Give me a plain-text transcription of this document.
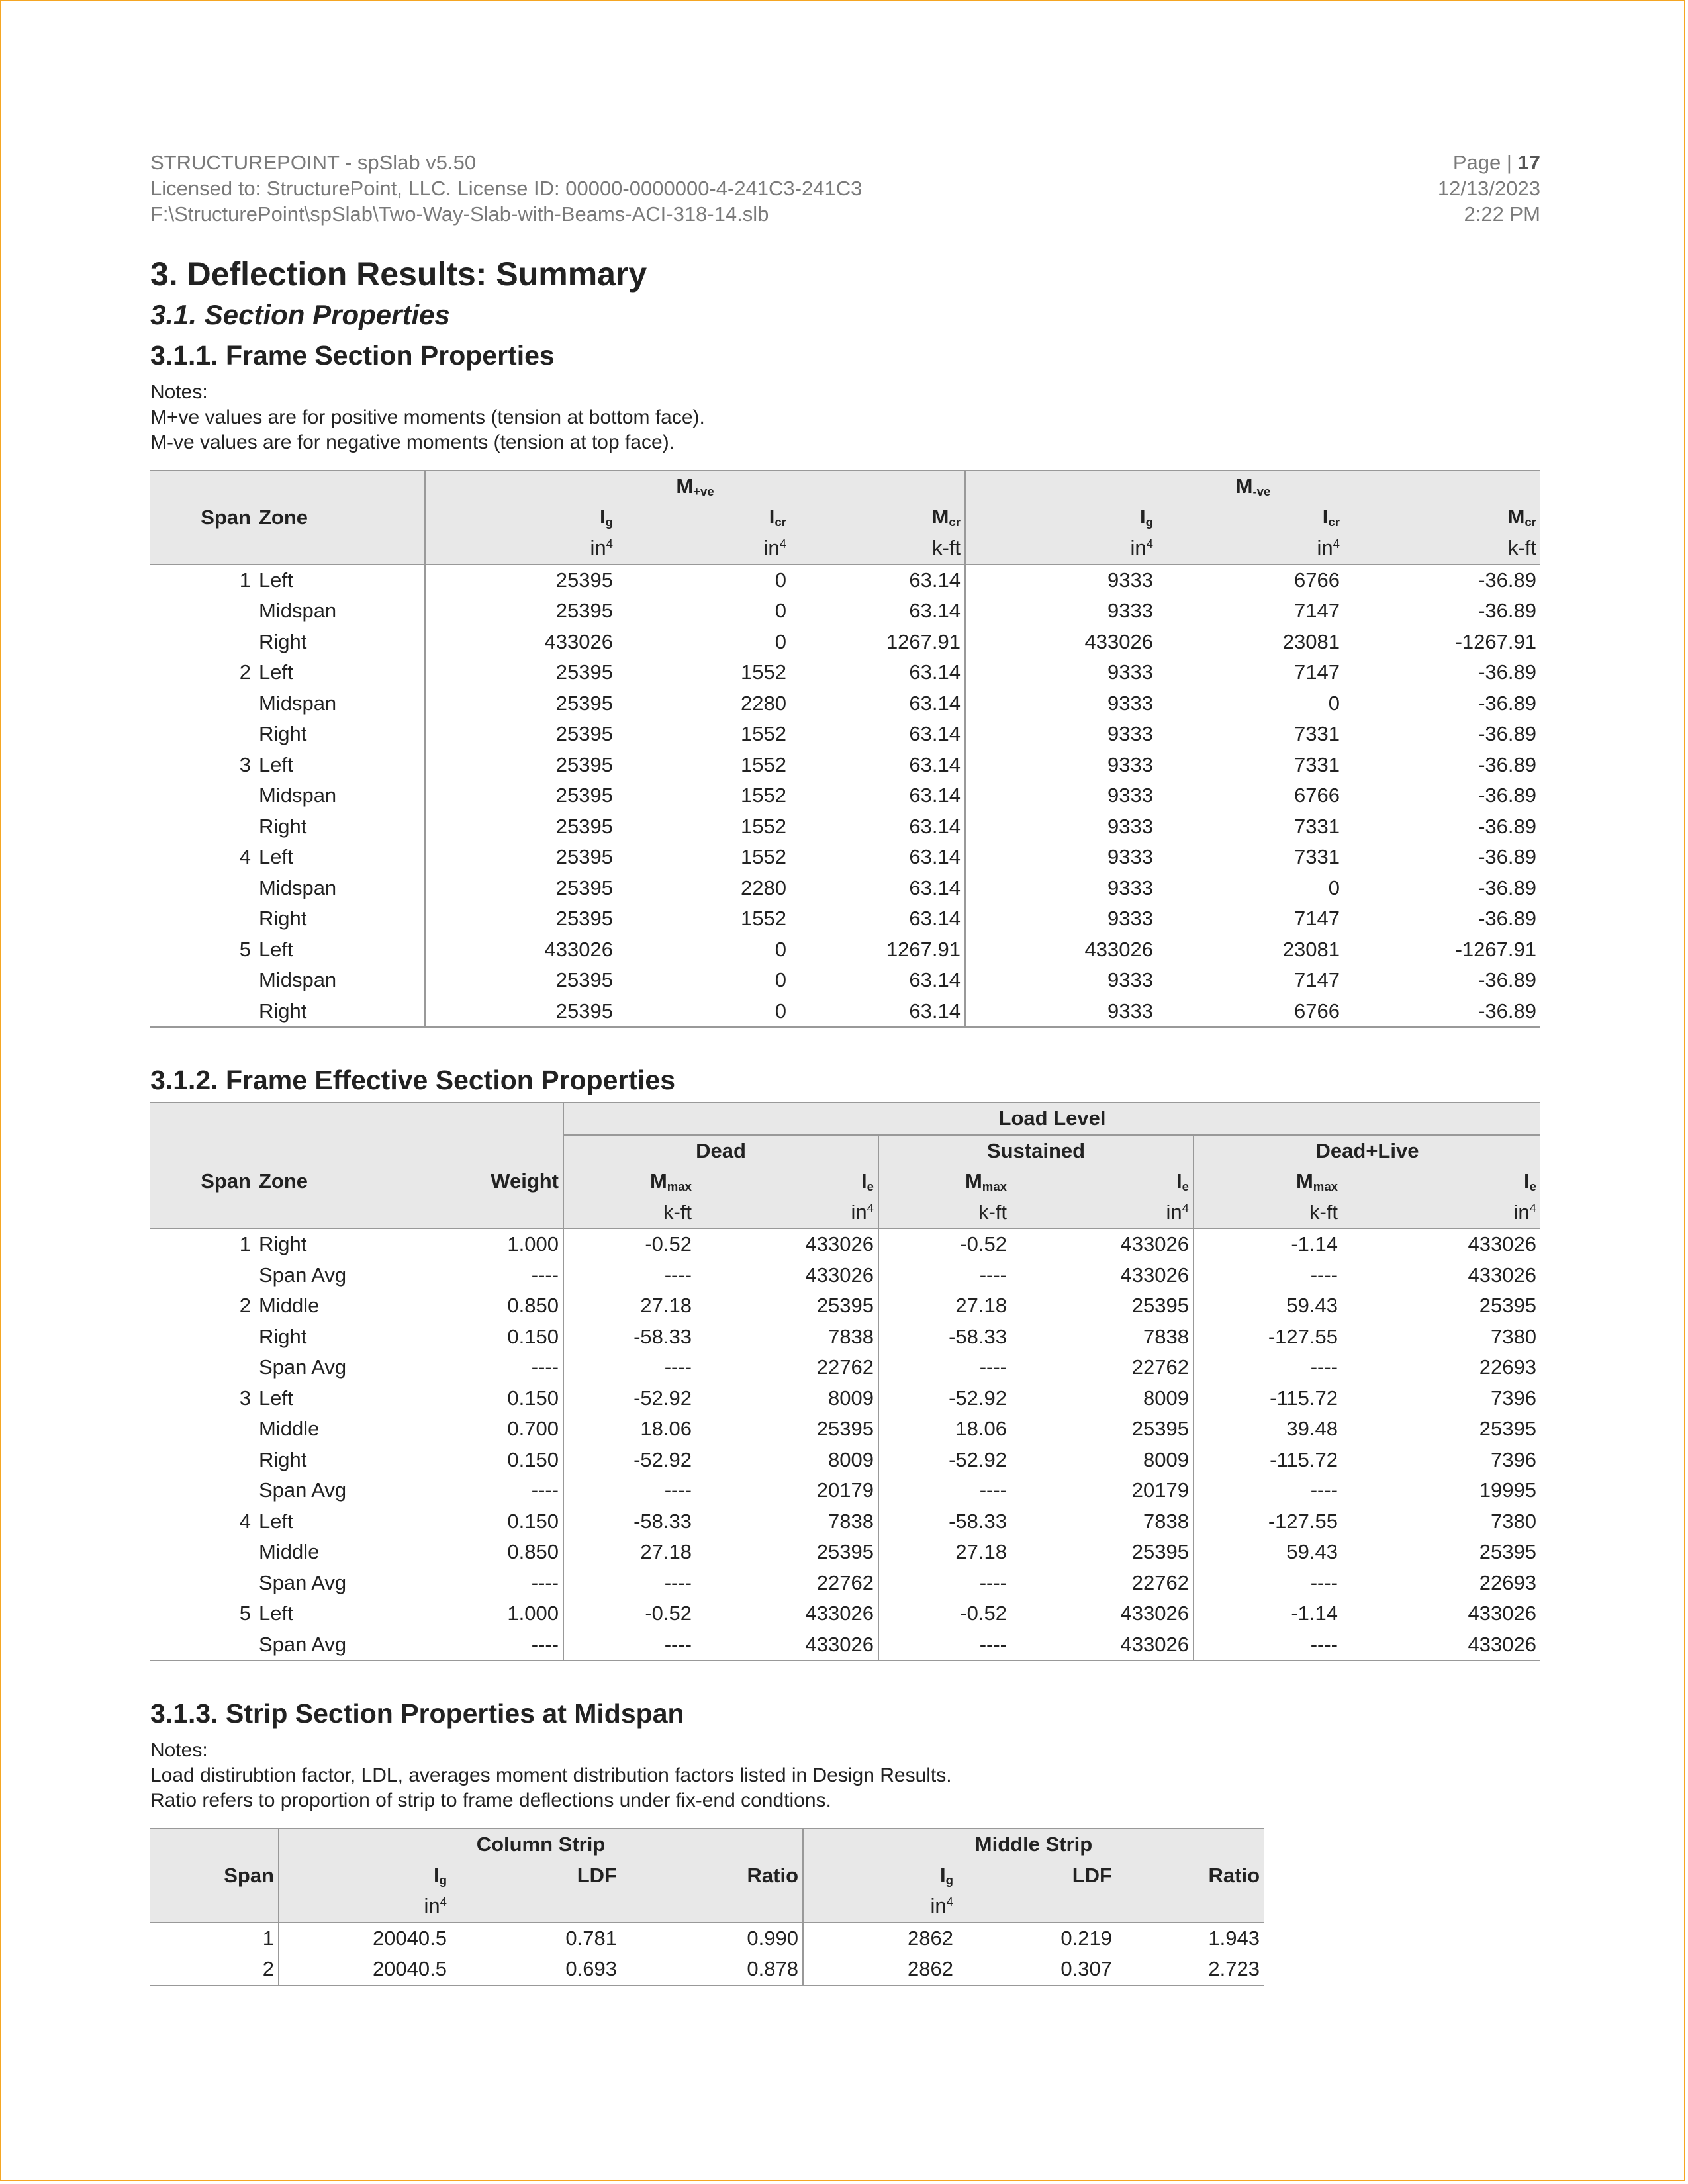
STRUCTUREPOINT - spSlab v5.50
Licensed to: StructurePoint, LLC. License ID: 00000-0000000-4-241C3-241C3
F:\StructurePoint\spSlab\Two-Way-Slab-with-Beams-ACI-318-14.slb
Page | 17
12/13/2023
2:22 PM
3. Deflection Results: Summary
3.1. Section Properties
3.1.1. Frame Section Properties
Notes:
M+ve values are for positive moments (tension at bottom face).
M-ve values are for negative moments (tension at top face).
		$M_{+ve}$			$M_{-ve}$
Span	Zone	$I_g$	$I_{cr}$	$M_{cr}$	$I_g$	$I_{cr}$	$M_{cr}$
		$in^4$	$in^4$	k-ft	$in^4$	$in^4$	k-ft
1	Left	25395	0	63.14	9333	6766	-36.89
	Midspan	25395	0	63.14	9333	7147	-36.89
	Right	433026	0	1267.91	433026	23081	-1267.91
2	Left	25395	1552	63.14	9333	7147	-36.89
	Midspan	25395	2280	63.14	9333	0	-36.89
	Right	25395	1552	63.14	9333	7331	-36.89
3	Left	25395	1552	63.14	9333	7331	-36.89
	Midspan	25395	1552	63.14	9333	6766	-36.89
	Right	25395	1552	63.14	9333	7331	-36.89
4	Left	25395	1552	63.14	9333	7331	-36.89
	Midspan	25395	2280	63.14	9333	0	-36.89
	Right	25395	1552	63.14	9333	7147	-36.89
5	Left	433026	0	1267.91	433026	23081	-1267.91
	Midspan	25395	0	63.14	9333	7147	-36.89
	Right	25395	0	63.14	9333	6766	-36.89
3.1.2. Frame Effective Section Properties
			Load Level					
			Dead		Sustained		Dead+Live	
Span	Zone	Weight	$M_{max}$	$I_e$	$M_{max}$	$I_e$	$M_{max}$	$I_e$
			k-ft	$in^4$	k-ft	$in^4$	k-ft	$in^4$
1	Right	1.000	-0.52	433026	-0.52	433026	-1.14	433026
	Span Avg	----	----	433026	----	433026	----	433026
2	Middle	0.850	27.18	25395	27.18	25395	59.43	25395
	Right	0.150	-58.33	7838	-58.33	7838	-127.55	7380
	Span Avg	----	----	22762	----	22762	----	22693
3	Left	0.150	-52.92	8009	-52.92	8009	-115.72	7396
	Middle	0.700	18.06	25395	18.06	25395	39.48	25395
	Right	0.150	-52.92	8009	-52.92	8009	-115.72	7396
	Span Avg	----	----	20179	----	20179	----	19995
4	Left	0.150	-58.33	7838	-58.33	7838	-127.55	7380
	Middle	0.850	27.18	25395	27.18	25395	59.43	25395
	Span Avg	----	----	22762	----	22762	----	22693
5	Left	1.000	-0.52	433026	-0.52	433026	-1.14	433026
	Span Avg	----	----	433026	----	433026	----	433026
3.1.3. Strip Section Properties at Midspan
Notes:
Load distirubtion factor, LDL, averages moment distribution factors listed in Design Results.
Ratio refers to proportion of strip to frame deflections under fix-end condtions.
	Column Strip			Middle Strip		
Span	$I_g$	LDF	Ratio	$I_g$	LDF	Ratio
	$in^4$			$in^4$		
1	20040.5	0.781	0.990	2862	0.219	1.943
2	20040.5	0.693	0.878	2862	0.307	2.723
